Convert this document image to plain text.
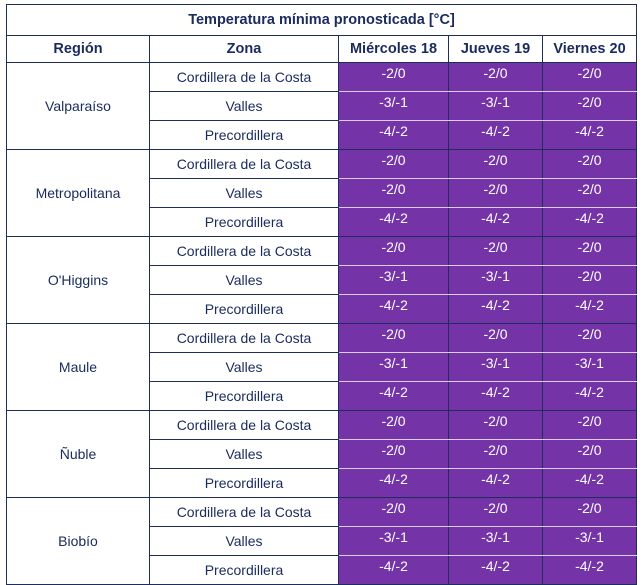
Temperatura mínima pronosticada [°C]				
Región	Zona	Miércoles 18	Jueves 19	Viernes 20
Valparaíso	Cordillera de la Costa	-2/0	-2/0	-2/0
	Valles	-3/-1	-3/-1	-2/0
	Precordillera	-4/-2	-4/-2	-4/-2
Metropolitana	Cordillera de la Costa	-2/0	-2/0	-2/0
	Valles	-2/0	-2/0	-2/0
	Precordillera	-4/-2	-4/-2	-4/-2
O'Higgins	Cordillera de la Costa	-2/0	-2/0	-2/0
	Valles	-3/-1	-3/-1	-2/0
	Precordillera	-4/-2	-4/-2	-4/-2
Maule	Cordillera de la Costa	-2/0	-2/0	-2/0
	Valles	-3/-1	-3/-1	-3/-1
	Precordillera	-4/-2	-4/-2	-4/-2
Ñuble	Cordillera de la Costa	-2/0	-2/0	-2/0
	Valles	-2/0	-2/0	-2/0
	Precordillera	-4/-2	-4/-2	-4/-2
Biobío	Cordillera de la Costa	-2/0	-2/0	-2/0
	Valles	-3/-1	-3/-1	-3/-1
	Precordillera	-4/-2	-4/-2	-4/-2
